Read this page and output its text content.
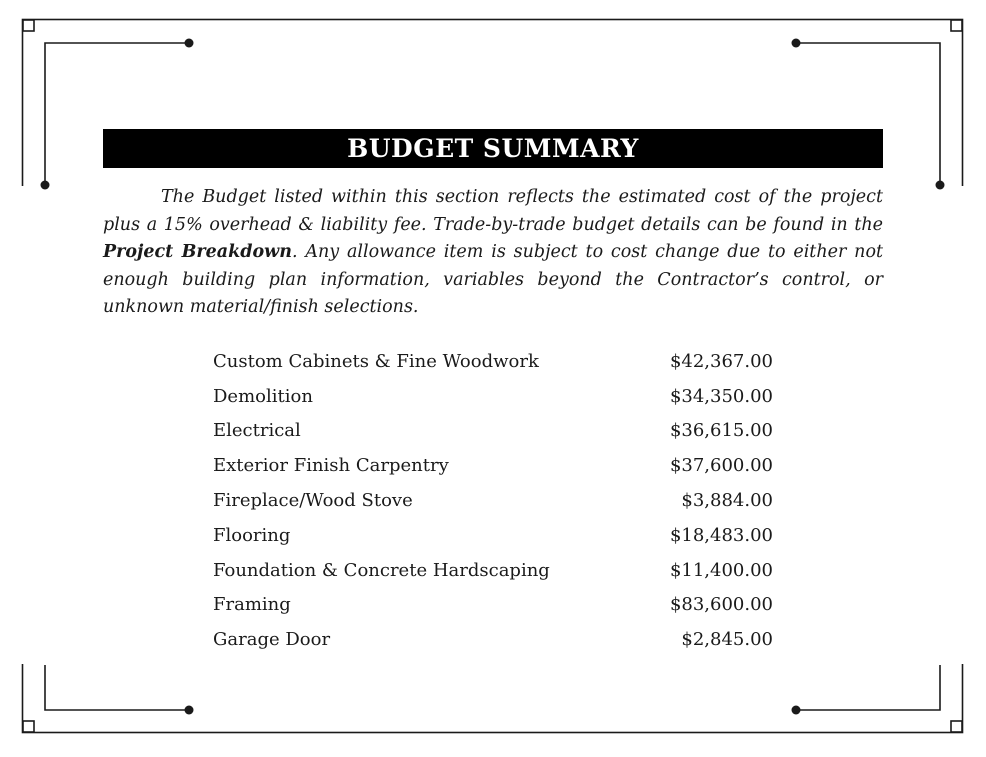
BUDGET SUMMARY

The Budget listed within this section reflects the estimated cost of the project plus a 15% overhead & liability fee. Trade-by-trade budget details can be found in the Project Breakdown. Any allowance item is subject to cost change due to either not enough building plan information, variables beyond the Contractor’s control, or unknown material/finish selections.

Custom Cabinets & Fine Woodwork	$42,367.00
Demolition	$34,350.00
Electrical	$36,615.00
Exterior Finish Carpentry	$37,600.00
Fireplace/Wood Stove	$3,884.00
Flooring	$18,483.00
Foundation & Concrete Hardscaping	$11,400.00
Framing	$83,600.00
Garage Door	$2,845.00
